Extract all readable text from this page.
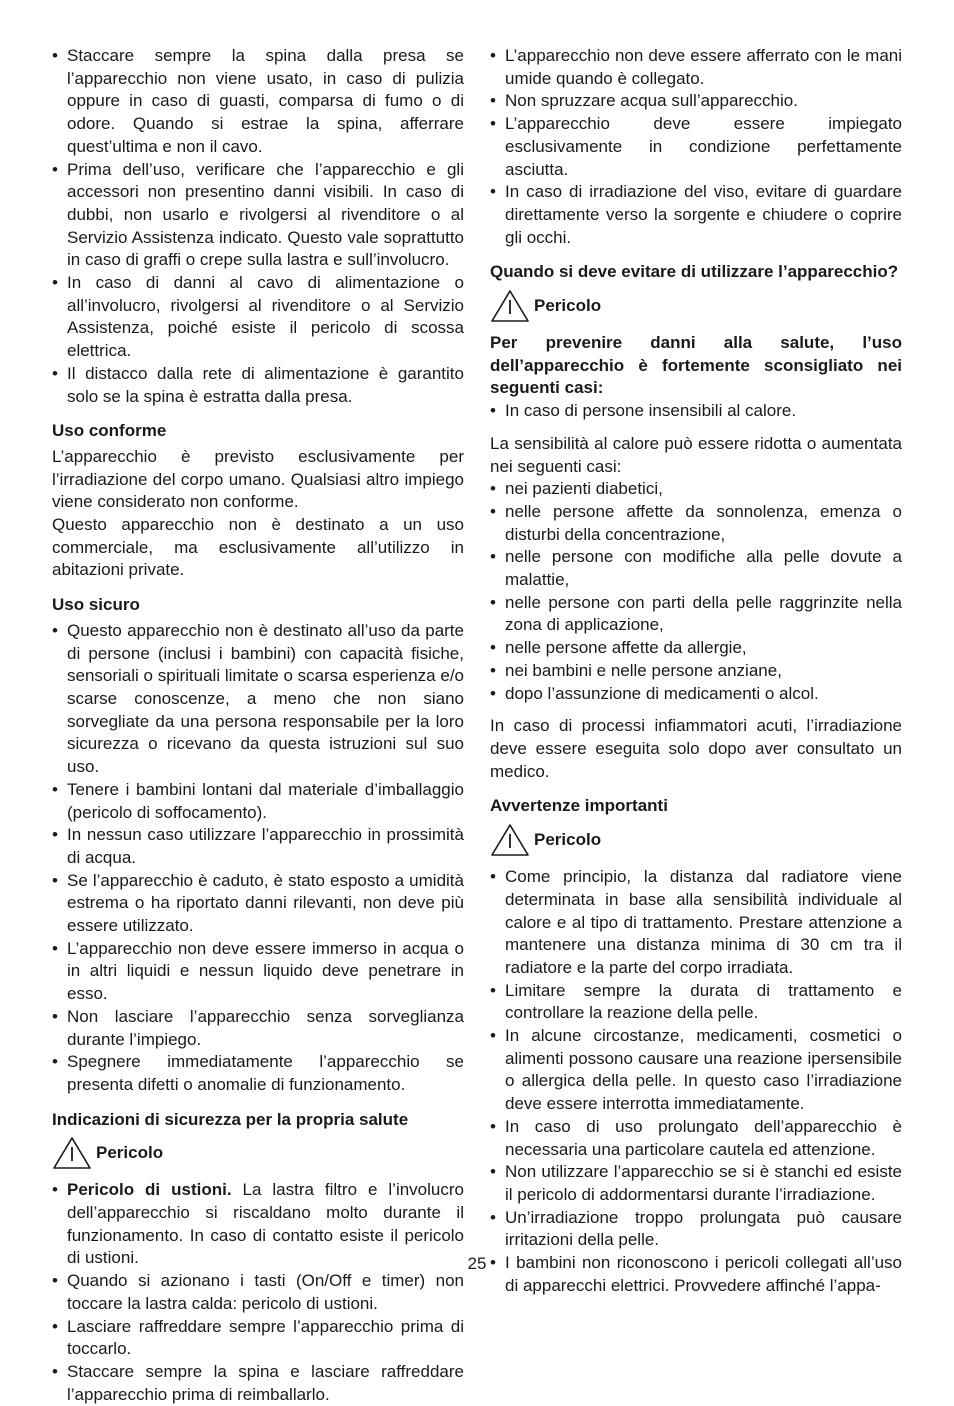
• Staccare sempre la spina dalla presa se l’apparecchio non viene usato, in caso di pulizia oppure in caso di guasti, comparsa di fumo o di odore. Quando si estrae la spina, afferrare quest’ultima e non il cavo.
• Prima dell’uso, verificare che l’apparecchio e gli accessori non presentino danni visibili. In caso di dubbi, non usarlo e rivolgersi al rivenditore o al Servizio Assistenza indicato. Questo vale soprattutto in caso di graffi o crepe sulla lastra e sull’involucro.
• In caso di danni al cavo di alimentazione o all’involucro, rivolgersi al rivenditore o al Servizio Assistenza, poiché esiste il pericolo di scossa elettrica.
• Il distacco dalla rete di alimentazione è garantito solo se la spina è estratta dalla presa.

Uso conforme

L’apparecchio è previsto esclusivamente per l’irradiazione del corpo umano. Qualsiasi altro impiego viene considerato non conforme.

Questo apparecchio non è destinato a un uso commerciale, ma esclusivamente all’utilizzo in abitazioni private.

Uso sicuro

• Questo apparecchio non è destinato all’uso da parte di persone (inclusi i bambini) con capacità fisiche, sensoriali o spirituali limitate o scarsa esperienza e/o scarse conoscenze, a meno che non siano sorvegliate da una persona responsabile per la loro sicurezza o ricevano da questa istruzioni sul suo uso.
• Tenere i bambini lontani dal materiale d’imballaggio (pericolo di soffocamento).
• In nessun caso utilizzare l’apparecchio in prossimità di acqua.
• Se l’apparecchio è caduto, è stato esposto a umidità estrema o ha riportato danni rilevanti, non deve più essere utilizzato.
• L’apparecchio non deve essere immerso in acqua o in altri liquidi e nessun liquido deve penetrare in esso.
• Non lasciare l’apparecchio senza sorveglianza durante l’impiego.
• Spegnere immediatamente l’apparecchio se presenta difetti o anomalie di funzionamento.

Indicazioni di sicurezza per la propria salute

Pericolo
• Pericolo di ustioni. La lastra filtro e l’involucro dell’apparecchio si riscaldano molto durante il funzionamento. In caso di contatto esiste il pericolo di ustioni.
• Quando si azionano i tasti (On/Off e timer) non toccare la lastra calda: pericolo di ustioni.
• Lasciare raffreddare sempre l’apparecchio prima di toccarlo.
• Staccare sempre la spina e lasciare raffreddare l’apparecchio prima di reimballarlo.
• L’apparecchio non deve essere afferrato con le mani umide quando è collegato.
• Non spruzzare acqua sull’apparecchio.
• L’apparecchio deve essere impiegato esclusivamente in condizione perfettamente asciutta.
• In caso di irradiazione del viso, evitare di guardare direttamente verso la sorgente e chiudere o coprire gli occhi.

Quando si deve evitare di utilizzare l’apparecchio?

Pericolo

Per prevenire danni alla salute, l’uso dell’apparecchio è fortemente sconsigliato nei seguenti casi:

• In caso di persone insensibili al calore.

La sensibilità al calore può essere ridotta o aumentata nei seguenti casi:

• nei pazienti diabetici,
• nelle persone affette da sonnolenza, emenza o disturbi della concentrazione,
• nelle persone con modifiche alla pelle dovute a malattie,
• nelle persone con parti della pelle raggrinzite nella zona di applicazione,
• nelle persone affette da allergie,
• nei bambini e nelle persone anziane,
• dopo l’assunzione di medicamenti o alcol.

In caso di processi infiammatori acuti, l’irradiazione deve essere eseguita solo dopo aver consultato un medico.

Avvertenze importanti

Pericolo
• Come principio, la distanza dal radiatore viene determinata in base alla sensibilità individuale al calore e al tipo di trattamento. Prestare attenzione a mantenere una distanza minima di 30 cm tra il radiatore e la parte del corpo irradiata.
• Limitare sempre la durata di trattamento e controllare la reazione della pelle.
• In alcune circostanze, medicamenti, cosmetici o alimenti possono causare una reazione ipersensibile o allergica della pelle. In questo caso l’irradiazione deve essere interrotta immediatamente.
• In caso di uso prolungato dell’apparecchio è necessaria una particolare cautela ed attenzione.
• Non utilizzare l’apparecchio se si è stanchi ed esiste il pericolo di addormentarsi durante l’irradiazione.
• Un’irradiazione troppo prolungata può causare irritazioni della pelle.
• I bambini non riconoscono i pericoli collegati all’uso di apparecchi elettrici. Provvedere affinché l’appa-
25
